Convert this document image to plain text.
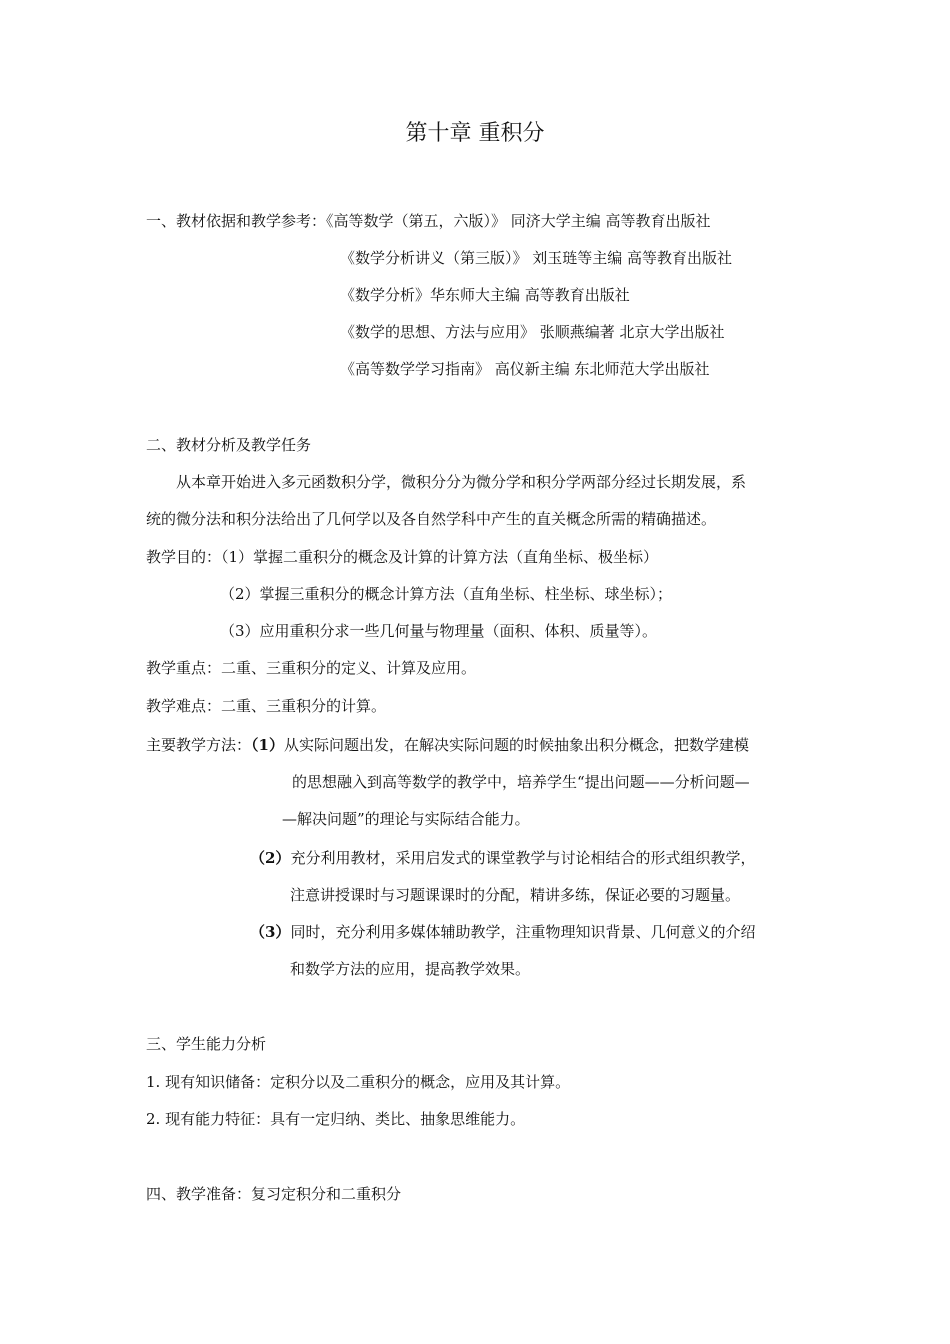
第十章 重积分
一、教材依据和教学参考：《高等数学（第五，六版）》 同济大学主编 高等教育出版社
《数学分析讲义（第三版）》 刘玉琏等主编 高等教育出版社
《数学分析》华东师大主编 高等教育出版社
《数学的思想、方法与应用》 张顺燕编著 北京大学出版社
《高等数学学习指南》 高仪新主编 东北师范大学出版社
二、教材分析及教学任务
从本章开始进入多元函数积分学，微积分分为微分学和积分学两部分经过长期发展，系
统的微分法和积分法给出了几何学以及各自然学科中产生的直关概念所需的精确描述。
教学目的：（1）掌握二重积分的概念及计算的计算方法（直角坐标、极坐标）
（2）掌握三重积分的概念计算方法（直角坐标、柱坐标、球坐标）；
（3）应用重积分求一些几何量与物理量（面积、体积、质量等）。
教学重点：二重、三重积分的定义、计算及应用。
教学难点：二重、三重积分的计算。
主要教学方法：（1）从实际问题出发，在解决实际问题的时候抽象出积分概念，把数学建模
的思想融入到高等数学的教学中，培养学生“提出问题——分析问题—
—解决问题”的理论与实际结合能力。
（2）充分利用教材，采用启发式的课堂教学与讨论相结合的形式组织教学，
注意讲授课时与习题课课时的分配，精讲多练，保证必要的习题量。
（3）同时，充分利用多媒体辅助教学，注重物理知识背景、几何意义的介绍
和数学方法的应用，提高教学效果。
三、学生能力分析
1. 现有知识储备：定积分以及二重积分的概念，应用及其计算。
2. 现有能力特征：具有一定归纳、类比、抽象思维能力。
四、教学准备：复习定积分和二重积分
